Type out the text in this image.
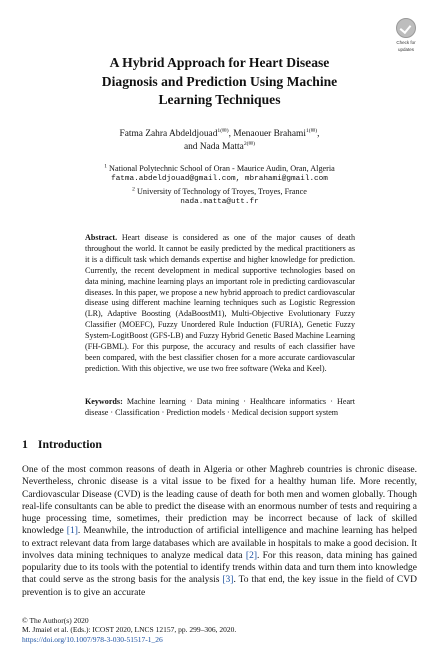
Check for
updates
A Hybrid Approach for Heart Disease
Diagnosis and Prediction Using Machine
Learning Techniques
Fatma Zahra Abdeldjouad$^{1(✉)}$, Menaouer Brahami$^{1(✉)}$,
and Nada Matta$^{2(✉)}$
$^1$ National Polytechnic School of Oran - Maurice Audin, Oran, Algeria
fatma.abdeldjouad@gmail.com, mbrahami@gmail.com
$^2$ University of Technology of Troyes, Troyes, France
nada.matta@utt.fr
Abstract. Heart disease is considered as one of the major causes of death throughout the world. It cannot be easily predicted by the medical practitioners as it is a difficult task which demands expertise and higher knowledge for prediction. Currently, the recent development in medical supportive technologies based on data mining, machine learning plays an important role in predicting cardiovascular diseases. In this paper, we propose a new hybrid approach to predict cardiovascular disease using different machine learning techniques such as Logistic Regression (LR), Adaptive Boosting (AdaBoostM1), Multi-Objective Evolutionary Fuzzy Classifier (MOEFC), Fuzzy Unordered Rule Induction (FURIA), Genetic Fuzzy System-LogitBoost (GFS-LB) and Fuzzy Hybrid Genetic Based Machine Learning (FH-GBML). For this purpose, the accuracy and results of each classifier have been compared, with the best classifier chosen for a more accurate cardiovascular prediction. With this objective, we use two free software (Weka and Keel).
Keywords: Machine learning · Data mining · Healthcare informatics · Heart disease · Classification · Prediction models · Medical decision support system
1 Introduction
One of the most common reasons of death in Algeria or other Maghreb countries is chronic disease. Nevertheless, chronic disease is a vital issue to be fixed for a healthy human life. More recently, Cardiovascular Disease (CVD) is the leading cause of death for both men and women globally. Though real-life consultants can be able to predict the disease with an enormous number of tests and requiring a huge processing time, sometimes, their prediction may be incorrect because of lack of skilled knowledge [1]. Meanwhile, the introduction of artificial intelligence and machine learning has helped to extract relevant data from large databases which are available in hospitals to make a good decision. It involves data mining techniques to analyze medical data [2]. For this reason, data mining has gained popularity due to its tools with the potential to identify trends within data and turn them into knowledge that could serve as the strong basis for the analysis [3]. To that end, the key issue in the field of CVD prevention is to give an accurate
© The Author(s) 2020
M. Jmaiel et al. (Eds.): ICOST 2020, LNCS 12157, pp. 299–306, 2020.
https://doi.org/10.1007/978-3-030-51517-1_26
